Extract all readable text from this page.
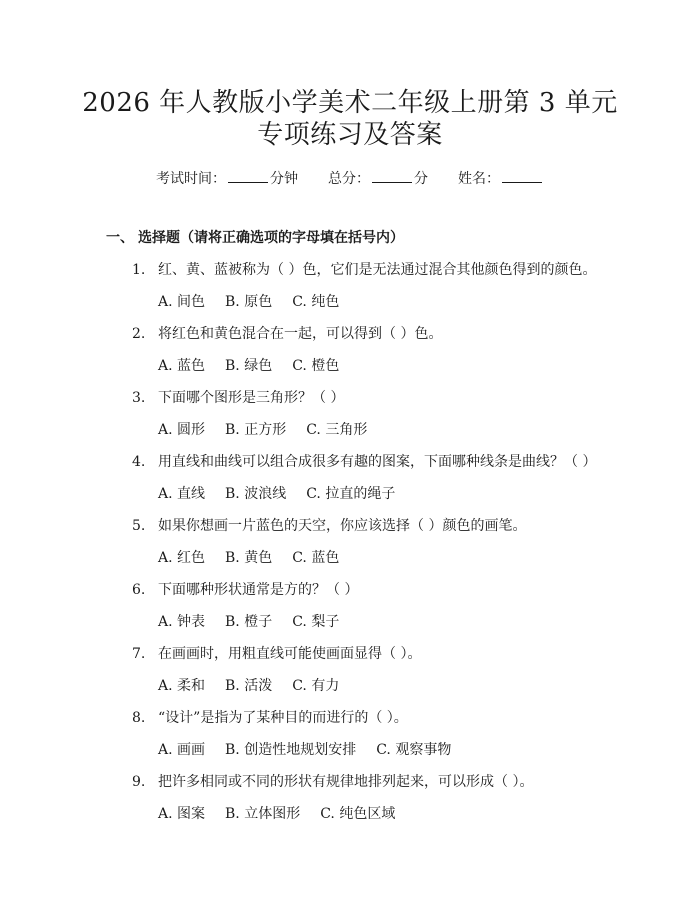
2026 年人教版小学美术二年级上册第 3 单元
专项练习及答案
考试时间：	分钟 总分：	分 姓名：
一、 选择题（请将正确选项的字母填在括号内）
1. 红、黄、蓝被称为（ ）色，它们是无法通过混合其他颜色得到的颜色。
A. 间色 B. 原色 C. 纯色
2. 将红色和黄色混合在一起，可以得到（ ）色。
A. 蓝色 B. 绿色 C. 橙色
3. 下面哪个图形是三角形？（ ）
A. 圆形 B. 正方形 C. 三角形
4. 用直线和曲线可以组合成很多有趣的图案，下面哪种线条是曲线？（ ）
A. 直线 B. 波浪线 C. 拉直的绳子
5. 如果你想画一片蓝色的天空，你应该选择（ ）颜色的画笔。
A. 红色 B. 黄色 C. 蓝色
6. 下面哪种形状通常是方的？（ ）
A. 钟表 B. 橙子 C. 梨子
7. 在画画时，用粗直线可能使画面显得（ ）。
A. 柔和 B. 活泼 C. 有力
8. “设计”是指为了某种目的而进行的（ ）。
A. 画画 B. 创造性地规划安排 C. 观察事物
9. 把许多相同或不同的形状有规律地排列起来，可以形成（ ）。
A. 图案 B. 立体图形 C. 纯色区域
